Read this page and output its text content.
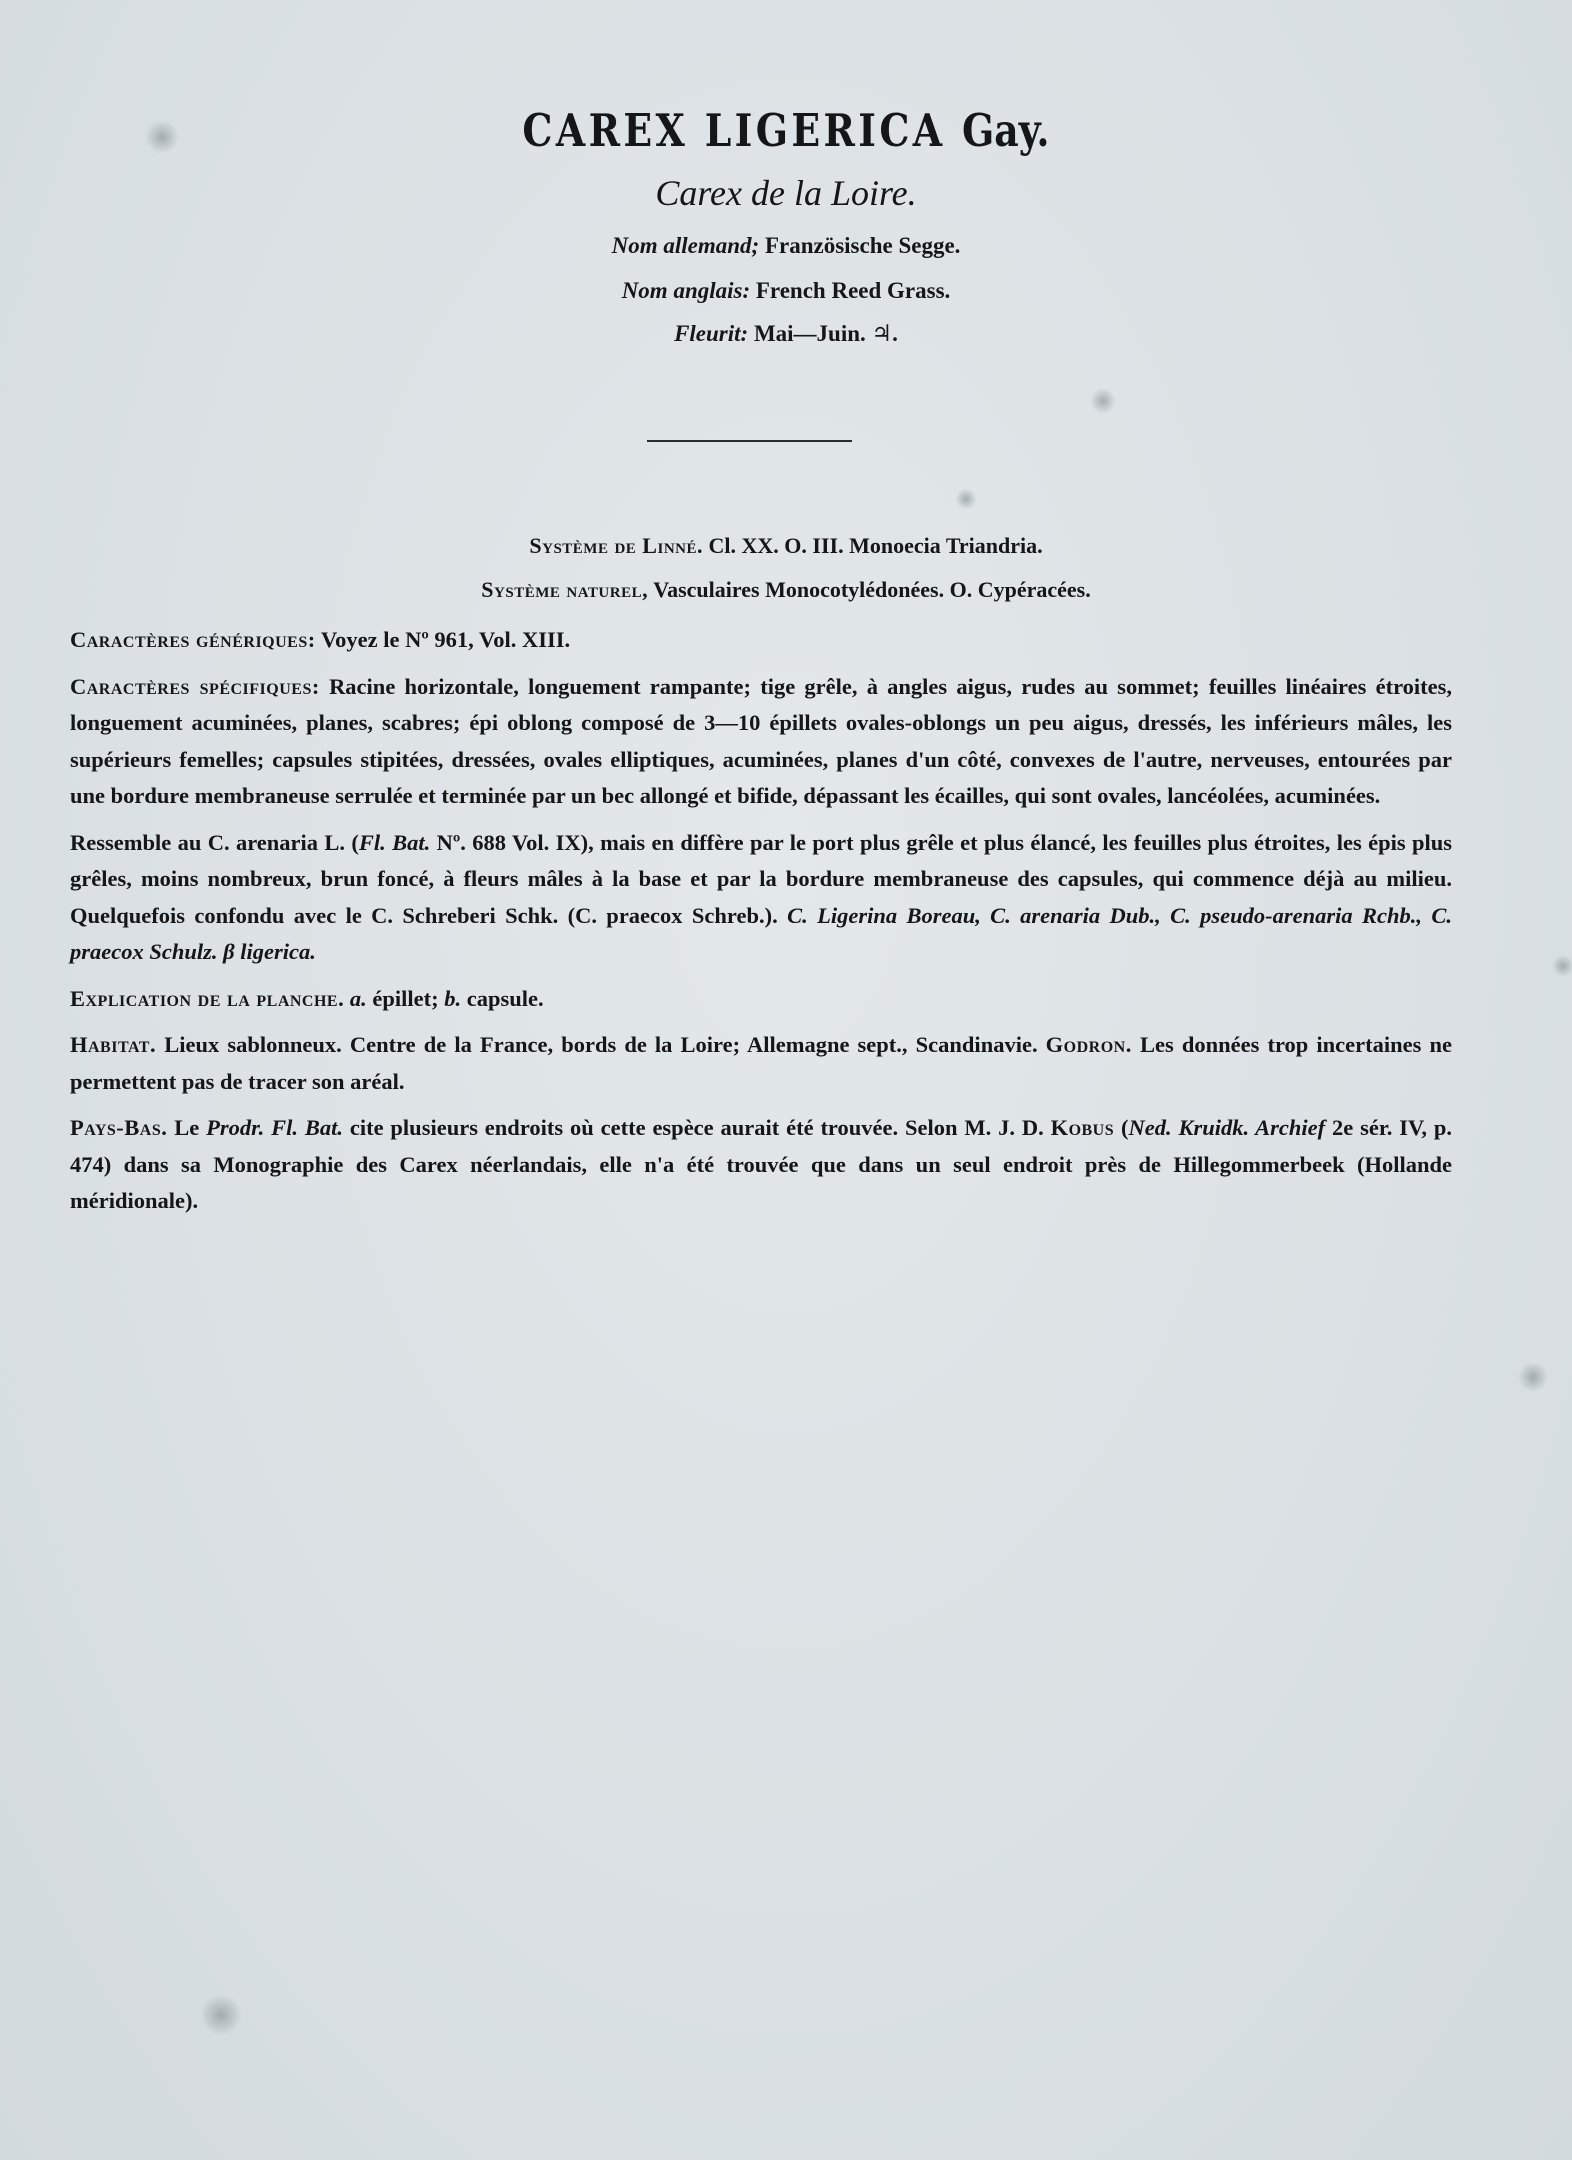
CAREX LIGERICA Gay.
Carex de la Loire.
Nom allemand; Französische Segge.
Nom anglais: French Reed Grass.
Fleurit: Mai—Juin. ♃.
Système de Linné. Cl. XX. O. III. Monoecia Triandria.
Système naturel, Vasculaires Monocotylédonées. O. Cypéracées.

Caractères génériques: Voyez le Nº 961, Vol. XIII.

Caractères spécifiques: Racine horizontale, longuement rampante; tige grêle, à angles aigus, rudes au sommet; feuilles linéaires étroites, longuement acuminées, planes, scabres; épi oblong composé de 3—10 épillets ovales-oblongs un peu aigus, dressés, les inférieurs mâles, les supérieurs femelles; capsules stipitées, dressées, ovales elliptiques, acuminées, planes d'un côté, convexes de l'autre, nerveuses, entourées par une bordure membraneuse serrulée et terminée par un bec allongé et bifide, dépassant les écailles, qui sont ovales, lancéolées, acuminées.

Ressemble au C. arenaria L. (Fl. Bat. Nº. 688 Vol. IX), mais en diffère par le port plus grêle et plus élancé, les feuilles plus étroites, les épis plus grêles, moins nombreux, brun foncé, à fleurs mâles à la base et par la bordure membraneuse des capsules, qui commence déjà au milieu. Quelquefois confondu avec le C. Schreberi Schk. (C. praecox Schreb.). C. Ligerina Boreau, C. arenaria Dub., C. pseudo-arenaria Rchb., C. praecox Schulz. β ligerica.

Explication de la planche. a. épillet; b. capsule.

Habitat. Lieux sablonneux. Centre de la France, bords de la Loire; Allemagne sept., Scandinavie. Godron. Les données trop incertaines ne permettent pas de tracer son aréal.

Pays-Bas. Le Prodr. Fl. Bat. cite plusieurs endroits où cette espèce aurait été trouvée. Selon M. J. D. Kobus (Ned. Kruidk. Archief 2e sér. IV, p. 474) dans sa Monographie des Carex néerlandais, elle n'a été trouvée que dans un seul endroit près de Hillegommerbeek (Hollande méridionale).
